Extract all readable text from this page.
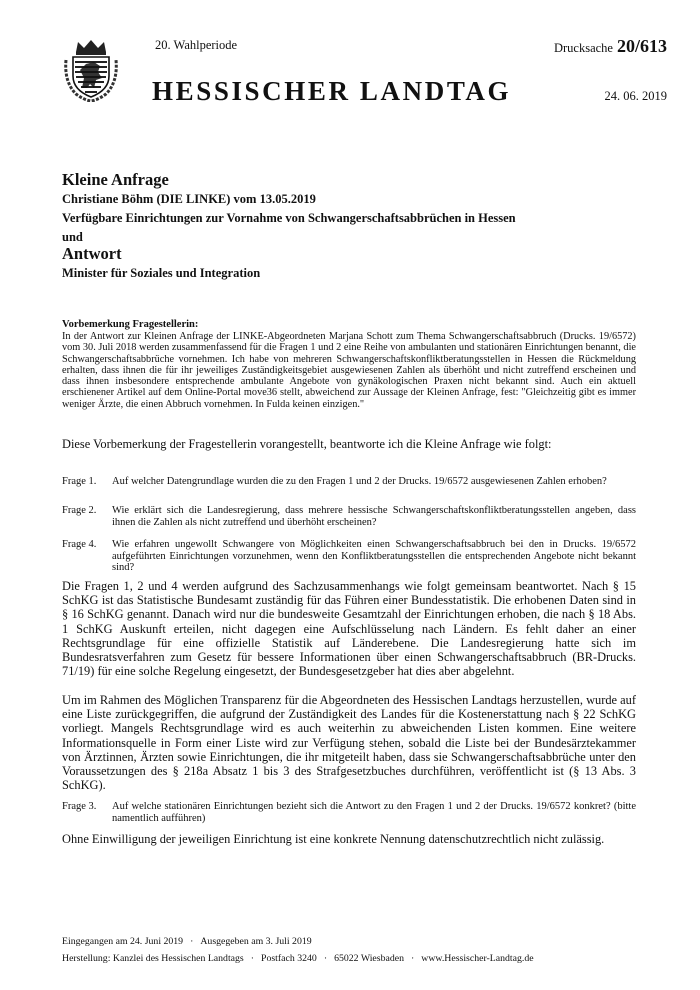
20. Wahlperiode	Drucksache 20/613
HESSISCHER LANDTAG	24. 06. 2019
Kleine Anfrage
Christiane Böhm (DIE LINKE) vom 13.05.2019
Verfügbare Einrichtungen zur Vornahme von Schwangerschaftsabbrüchen in Hessen
und
Antwort
Minister für Soziales und Integration
Vorbemerkung Fragestellerin:
In der Antwort zur Kleinen Anfrage der LINKE-Abgeordneten Marjana Schott zum Thema Schwangerschaftsabbruch (Drucks. 19/6572) vom 30. Juli 2018 werden zusammenfassend für die Fragen 1 und 2 eine Reihe von ambulanten und stationären Einrichtungen benannt, die Schwangerschaftsabbrüche vornehmen. Ich habe von mehreren Schwangerschaftskonfliktberatungsstellen in Hessen die Rückmeldung erhalten, dass ihnen die für ihr jeweiliges Zuständigkeitsgebiet ausgewiesenen Zahlen als überhöht und nicht zutreffend erscheinen und dass ihnen insbesondere entsprechende ambulante Angebote von gynäkologischen Praxen nicht bekannt sind. Auch ein aktuell erschienener Artikel auf dem Online-Portal move36 stellt, abweichend zur Aussage der Kleinen Anfrage, fest: "Gleichzeitig gibt es immer weniger Ärzte, die einen Abbruch vornehmen. In Fulda keinen einzigen."
Diese Vorbemerkung der Fragestellerin vorangestellt, beantworte ich die Kleine Anfrage wie folgt:
Frage 1.	Auf welcher Datengrundlage wurden die zu den Fragen 1 und 2 der Drucks. 19/6572 ausgewiesenen Zahlen erhoben?
Frage 2.	Wie erklärt sich die Landesregierung, dass mehrere hessische Schwangerschaftskonfliktberatungsstellen angeben, dass ihnen die Zahlen als nicht zutreffend und überhöht erscheinen?
Frage 4.	Wie erfahren ungewollt Schwangere von Möglichkeiten einen Schwangerschaftsabbruch bei den in Drucks. 19/6572 aufgeführten Einrichtungen vorzunehmen, wenn den Konfliktberatungsstellen die entsprechenden Angebote nicht bekannt sind?
Die Fragen 1, 2 und 4 werden aufgrund des Sachzusammenhangs wie folgt gemeinsam beantwortet. Nach § 15 SchKG ist das Statistische Bundesamt zuständig für das Führen einer Bundesstatistik. Die erhobenen Daten sind in § 16 SchKG genannt. Danach wird nur die bundesweite Gesamtzahl der Einrichtungen erhoben, die nach § 18 Abs. 1 SchKG Auskunft erteilen, nicht dagegen eine Aufschlüsselung nach Ländern. Es fehlt daher an einer Rechtsgrundlage für eine offizielle Statistik auf Länderebene. Die Landesregierung hatte sich im Bundesratsverfahren zum Gesetz für bessere Informationen über einen Schwangerschaftsabbruch (BR-Drucks. 71/19) für eine solche Regelung eingesetzt, der Bundesgesetzgeber hat dies aber abgelehnt.
Um im Rahmen des Möglichen Transparenz für die Abgeordneten des Hessischen Landtags herzustellen, wurde auf eine Liste zurückgegriffen, die aufgrund der Zuständigkeit des Landes für die Kostenerstattung nach § 22 SchKG vorliegt. Mangels Rechtsgrundlage wird es auch weiterhin zu abweichenden Listen kommen. Eine weitere Informationsquelle in Form einer Liste wird zur Verfügung stehen, sobald die Liste bei der Bundesärztekammer von Ärztinnen, Ärzten sowie Einrichtungen, die ihr mitgeteilt haben, dass sie Schwangerschaftsabbrüche unter den Voraussetzungen des § 218a Absatz 1 bis 3 des Strafgesetzbuches durchführen, veröffentlicht ist (§ 13 Abs. 3 SchKG).
Frage 3.	Auf welche stationären Einrichtungen bezieht sich die Antwort zu den Fragen 1 und 2 der Drucks. 19/6572 konkret? (bitte namentlich aufführen)
Ohne Einwilligung der jeweiligen Einrichtung ist eine konkrete Nennung datenschutzrechtlich nicht zulässig.
Eingegangen am 24. Juni 2019 · Ausgegeben am 3. Juli 2019
Herstellung: Kanzlei des Hessischen Landtags · Postfach 3240 · 65022 Wiesbaden · www.Hessischer-Landtag.de
